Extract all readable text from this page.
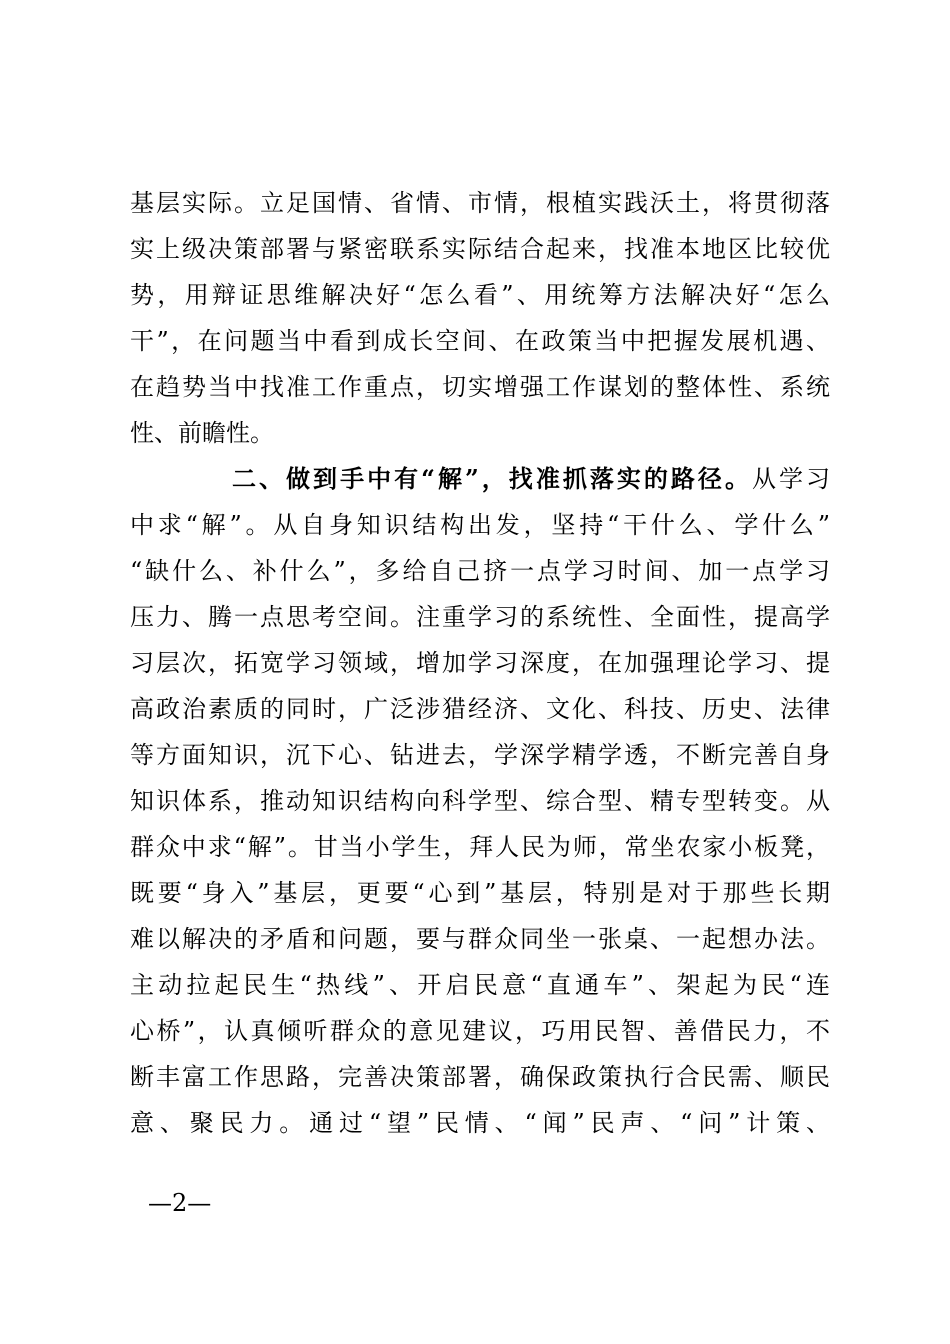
基层实际。立足国情、省情、市情，根植实践沃土，将贯彻落
实上级决策部署与紧密联系实际结合起来，找准本地区比较优
势，用辩证思维解决好“怎么看”、用统筹方法解决好“怎么
干”，在问题当中看到成长空间、在政策当中把握发展机遇、
在趋势当中找准工作重点，切实增强工作谋划的整体性、系统
性、前瞻性。
二、做到手中有“解”，找准抓落实的路径。从学习
中求“解”。从自身知识结构出发，坚持“干什么、学什么”
“缺什么、补什么”，多给自己挤一点学习时间、加一点学习
压力、腾一点思考空间。注重学习的系统性、全面性，提高学
习层次，拓宽学习领域，增加学习深度，在加强理论学习、提
高政治素质的同时，广泛涉猎经济、文化、科技、历史、法律
等方面知识，沉下心、钻进去，学深学精学透，不断完善自身
知识体系，推动知识结构向科学型、综合型、精专型转变。从
群众中求“解”。甘当小学生，拜人民为师，常坐农家小板凳，
既要“身入”基层，更要“心到”基层，特别是对于那些长期
难以解决的矛盾和问题，要与群众同坐一张桌、一起想办法。
主动拉起民生“热线”、开启民意“直通车”、架起为民“连
心桥”，认真倾听群众的意见建议，巧用民智、善借民力，不
断丰富工作思路，完善决策部署，确保政策执行合民需、顺民
意、聚民力。通过“望”民情、“闻”民声、“问”计策、
—2—
